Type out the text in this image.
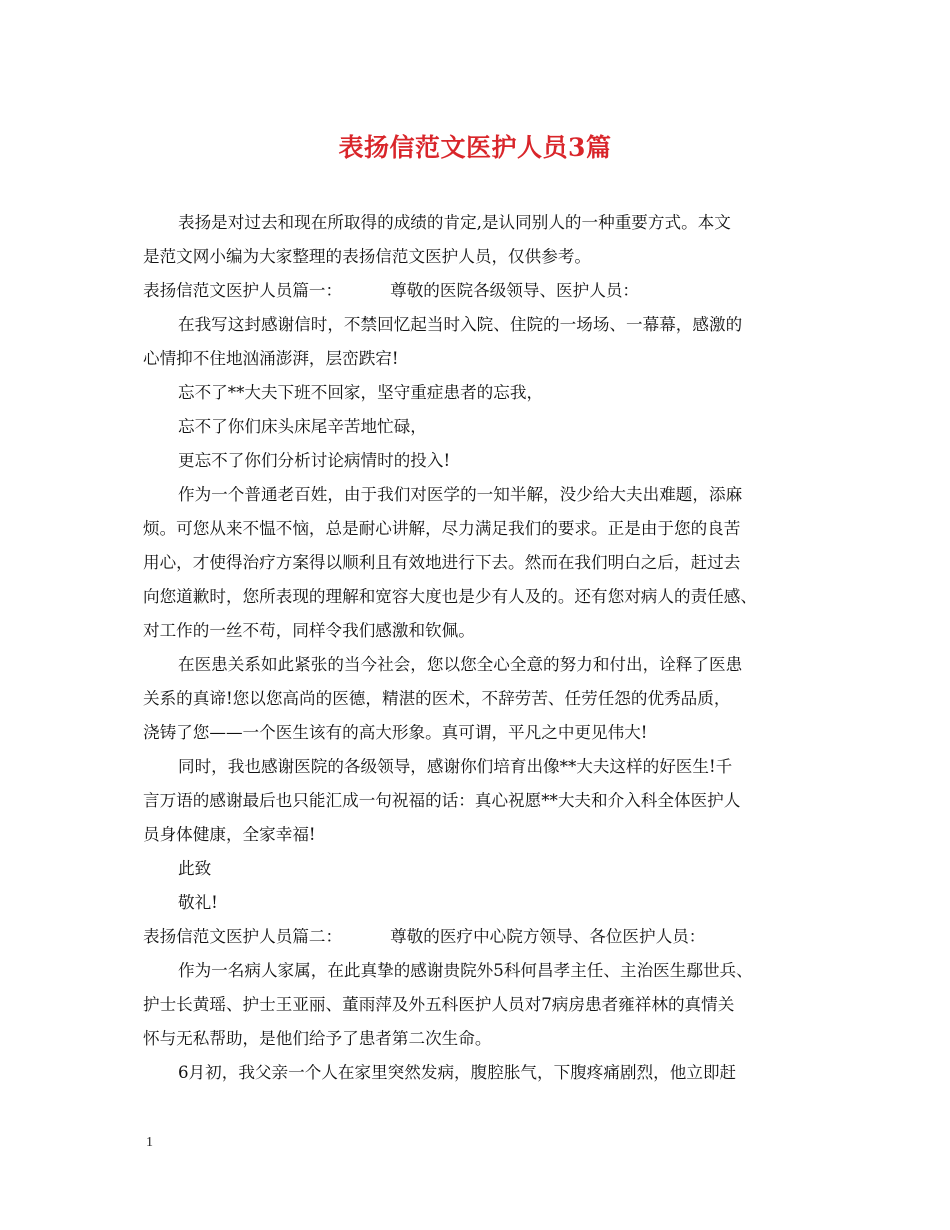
表扬信范文医护人员3篇
表扬是对过去和现在所取得的成绩的肯定,是认同别人的一种重要方式。本文
是范文网小编为大家整理的表扬信范文医护人员，仅供参考。
表扬信范文医护人员篇一：	尊敬的医院各级领导、医护人员：
在我写这封感谢信时，不禁回忆起当时入院、住院的一场场、一幕幕，感激的
心情抑不住地汹涌澎湃，层峦跌宕!
忘不了**大夫下班不回家，坚守重症患者的忘我，
忘不了你们床头床尾辛苦地忙碌，
更忘不了你们分析讨论病情时的投入!
作为一个普通老百姓，由于我们对医学的一知半解，没少给大夫出难题，添麻
烦。可您从来不愠不恼，总是耐心讲解，尽力满足我们的要求。正是由于您的良苦
用心，才使得治疗方案得以顺利且有效地进行下去。然而在我们明白之后，赶过去
向您道歉时，您所表现的理解和宽容大度也是少有人及的。还有您对病人的责任感、
对工作的一丝不苟，同样令我们感激和钦佩。
在医患关系如此紧张的当今社会，您以您全心全意的努力和付出，诠释了医患
关系的真谛!您以您高尚的医德，精湛的医术，不辞劳苦、任劳任怨的优秀品质，
浇铸了您——一个医生该有的高大形象。真可谓，平凡之中更见伟大!
同时，我也感谢医院的各级领导，感谢你们培育出像**大夫这样的好医生!千
言万语的感谢最后也只能汇成一句祝福的话：真心祝愿**大夫和介入科全体医护人
员身体健康，全家幸福!
此致
敬礼!
表扬信范文医护人员篇二：	尊敬的医疗中心院方领导、各位医护人员：
作为一名病人家属，在此真挚的感谢贵院外5科何昌孝主任、主治医生鄢世兵、
护士长黄瑶、护士王亚丽、董雨萍及外五科医护人员对7病房患者雍祥林的真情关
怀与无私帮助，是他们给予了患者第二次生命。
6月初，我父亲一个人在家里突然发病，腹腔胀气，下腹疼痛剧烈，他立即赶
1
